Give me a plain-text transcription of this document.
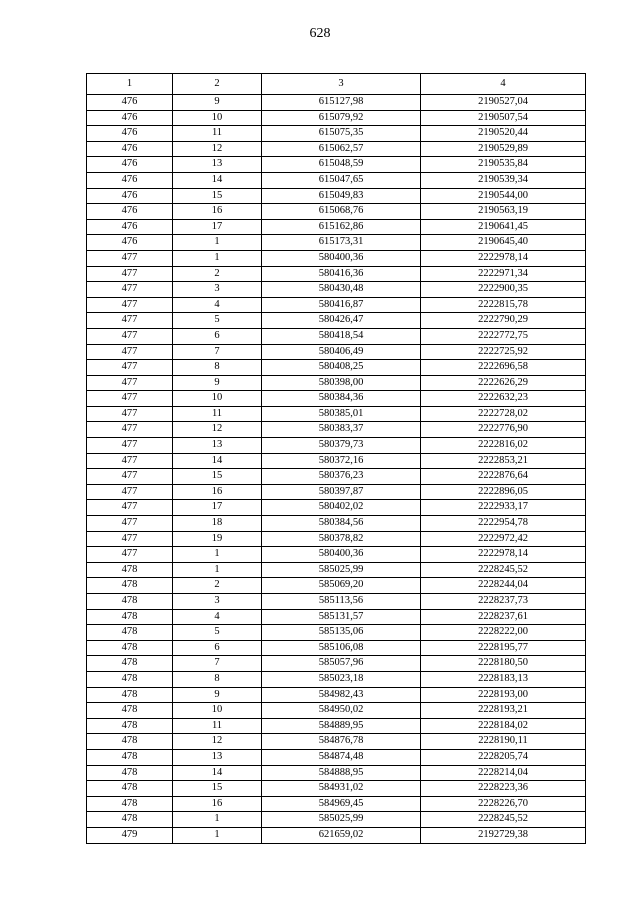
628
1	2	3	4
476	9	615127,98	2190527,04
476	10	615079,92	2190507,54
476	11	615075,35	2190520,44
476	12	615062,57	2190529,89
476	13	615048,59	2190535,84
476	14	615047,65	2190539,34
476	15	615049,83	2190544,00
476	16	615068,76	2190563,19
476	17	615162,86	2190641,45
476	1	615173,31	2190645,40
477	1	580400,36	2222978,14
477	2	580416,36	2222971,34
477	3	580430,48	2222900,35
477	4	580416,87	2222815,78
477	5	580426,47	2222790,29
477	6	580418,54	2222772,75
477	7	580406,49	2222725,92
477	8	580408,25	2222696,58
477	9	580398,00	2222626,29
477	10	580384,36	2222632,23
477	11	580385,01	2222728,02
477	12	580383,37	2222776,90
477	13	580379,73	2222816,02
477	14	580372,16	2222853,21
477	15	580376,23	2222876,64
477	16	580397,87	2222896,05
477	17	580402,02	2222933,17
477	18	580384,56	2222954,78
477	19	580378,82	2222972,42
477	1	580400,36	2222978,14
478	1	585025,99	2228245,52
478	2	585069,20	2228244,04
478	3	585113,56	2228237,73
478	4	585131,57	2228237,61
478	5	585135,06	2228222,00
478	6	585106,08	2228195,77
478	7	585057,96	2228180,50
478	8	585023,18	2228183,13
478	9	584982,43	2228193,00
478	10	584950,02	2228193,21
478	11	584889,95	2228184,02
478	12	584876,78	2228190,11
478	13	584874,48	2228205,74
478	14	584888,95	2228214,04
478	15	584931,02	2228223,36
478	16	584969,45	2228226,70
478	1	585025,99	2228245,52
479	1	621659,02	2192729,38
